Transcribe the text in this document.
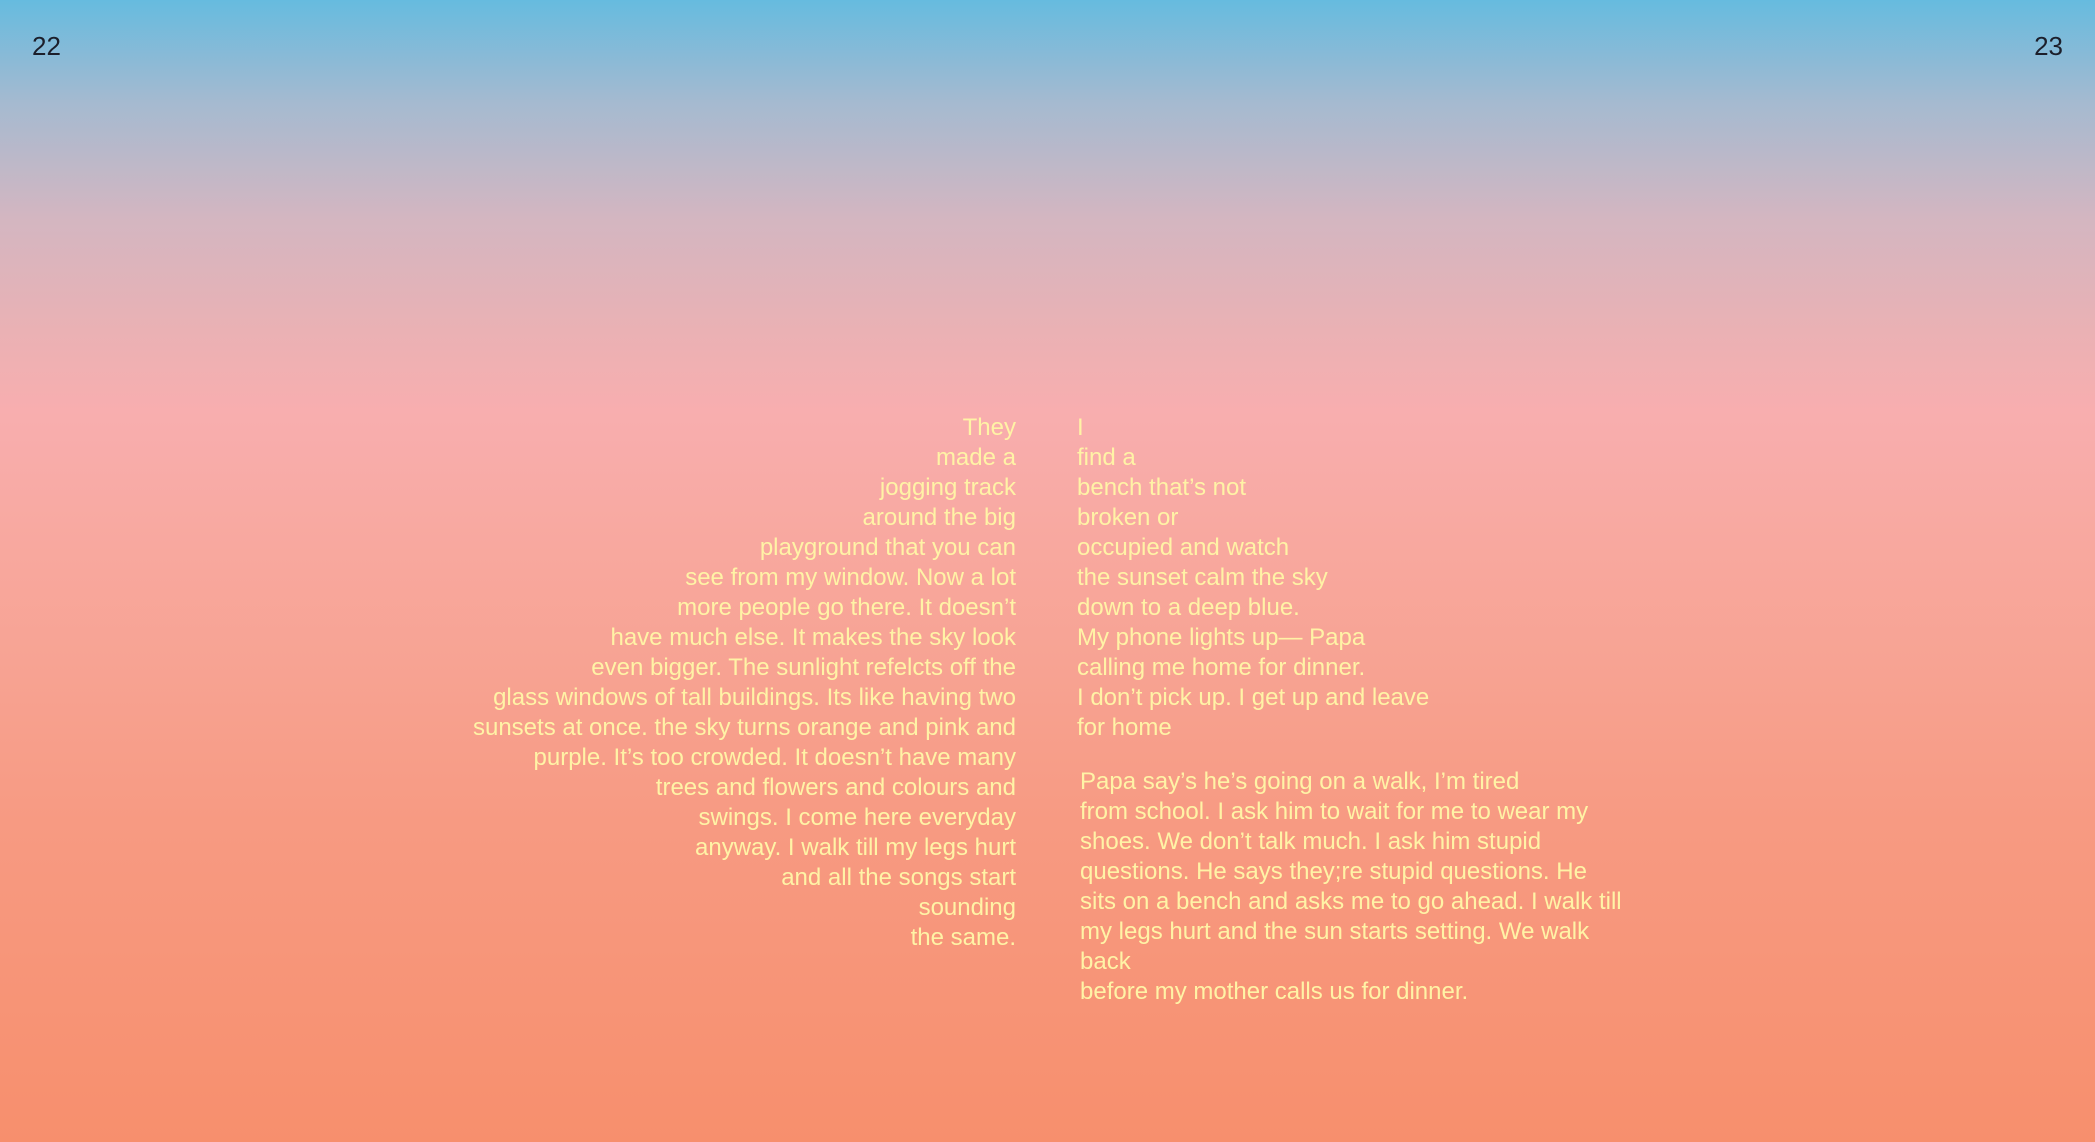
22	23
They
made a
jogging track
around the big
playground that you can
see from my window. Now a lot
more people go there. It doesn’t
have much else. It makes the sky look
even bigger. The sunlight refelcts off the
glass windows of tall buildings. Its like having two
sunsets at once. the sky turns orange and pink and
purple. It’s too crowded. It doesn’t have many
trees and flowers and colours and
swings. I come here everyday
anyway. I walk till my legs hurt
and all the songs start
sounding
the same.
I
find a
bench that’s not
broken or
occupied and watch
the sunset calm the sky
down to a deep blue.
My phone lights up— Papa
calling me home for dinner.
I don’t pick up. I get up and leave
for home
Papa say’s he’s going on a walk, I’m tired
from school. I ask him to wait for me to wear my
shoes. We don’t talk much. I ask him stupid
questions. He says they;re stupid questions. He
sits on a bench and asks me to go ahead. I walk till
my legs hurt and the sun starts setting. We walk
back
before my mother calls us for dinner.
